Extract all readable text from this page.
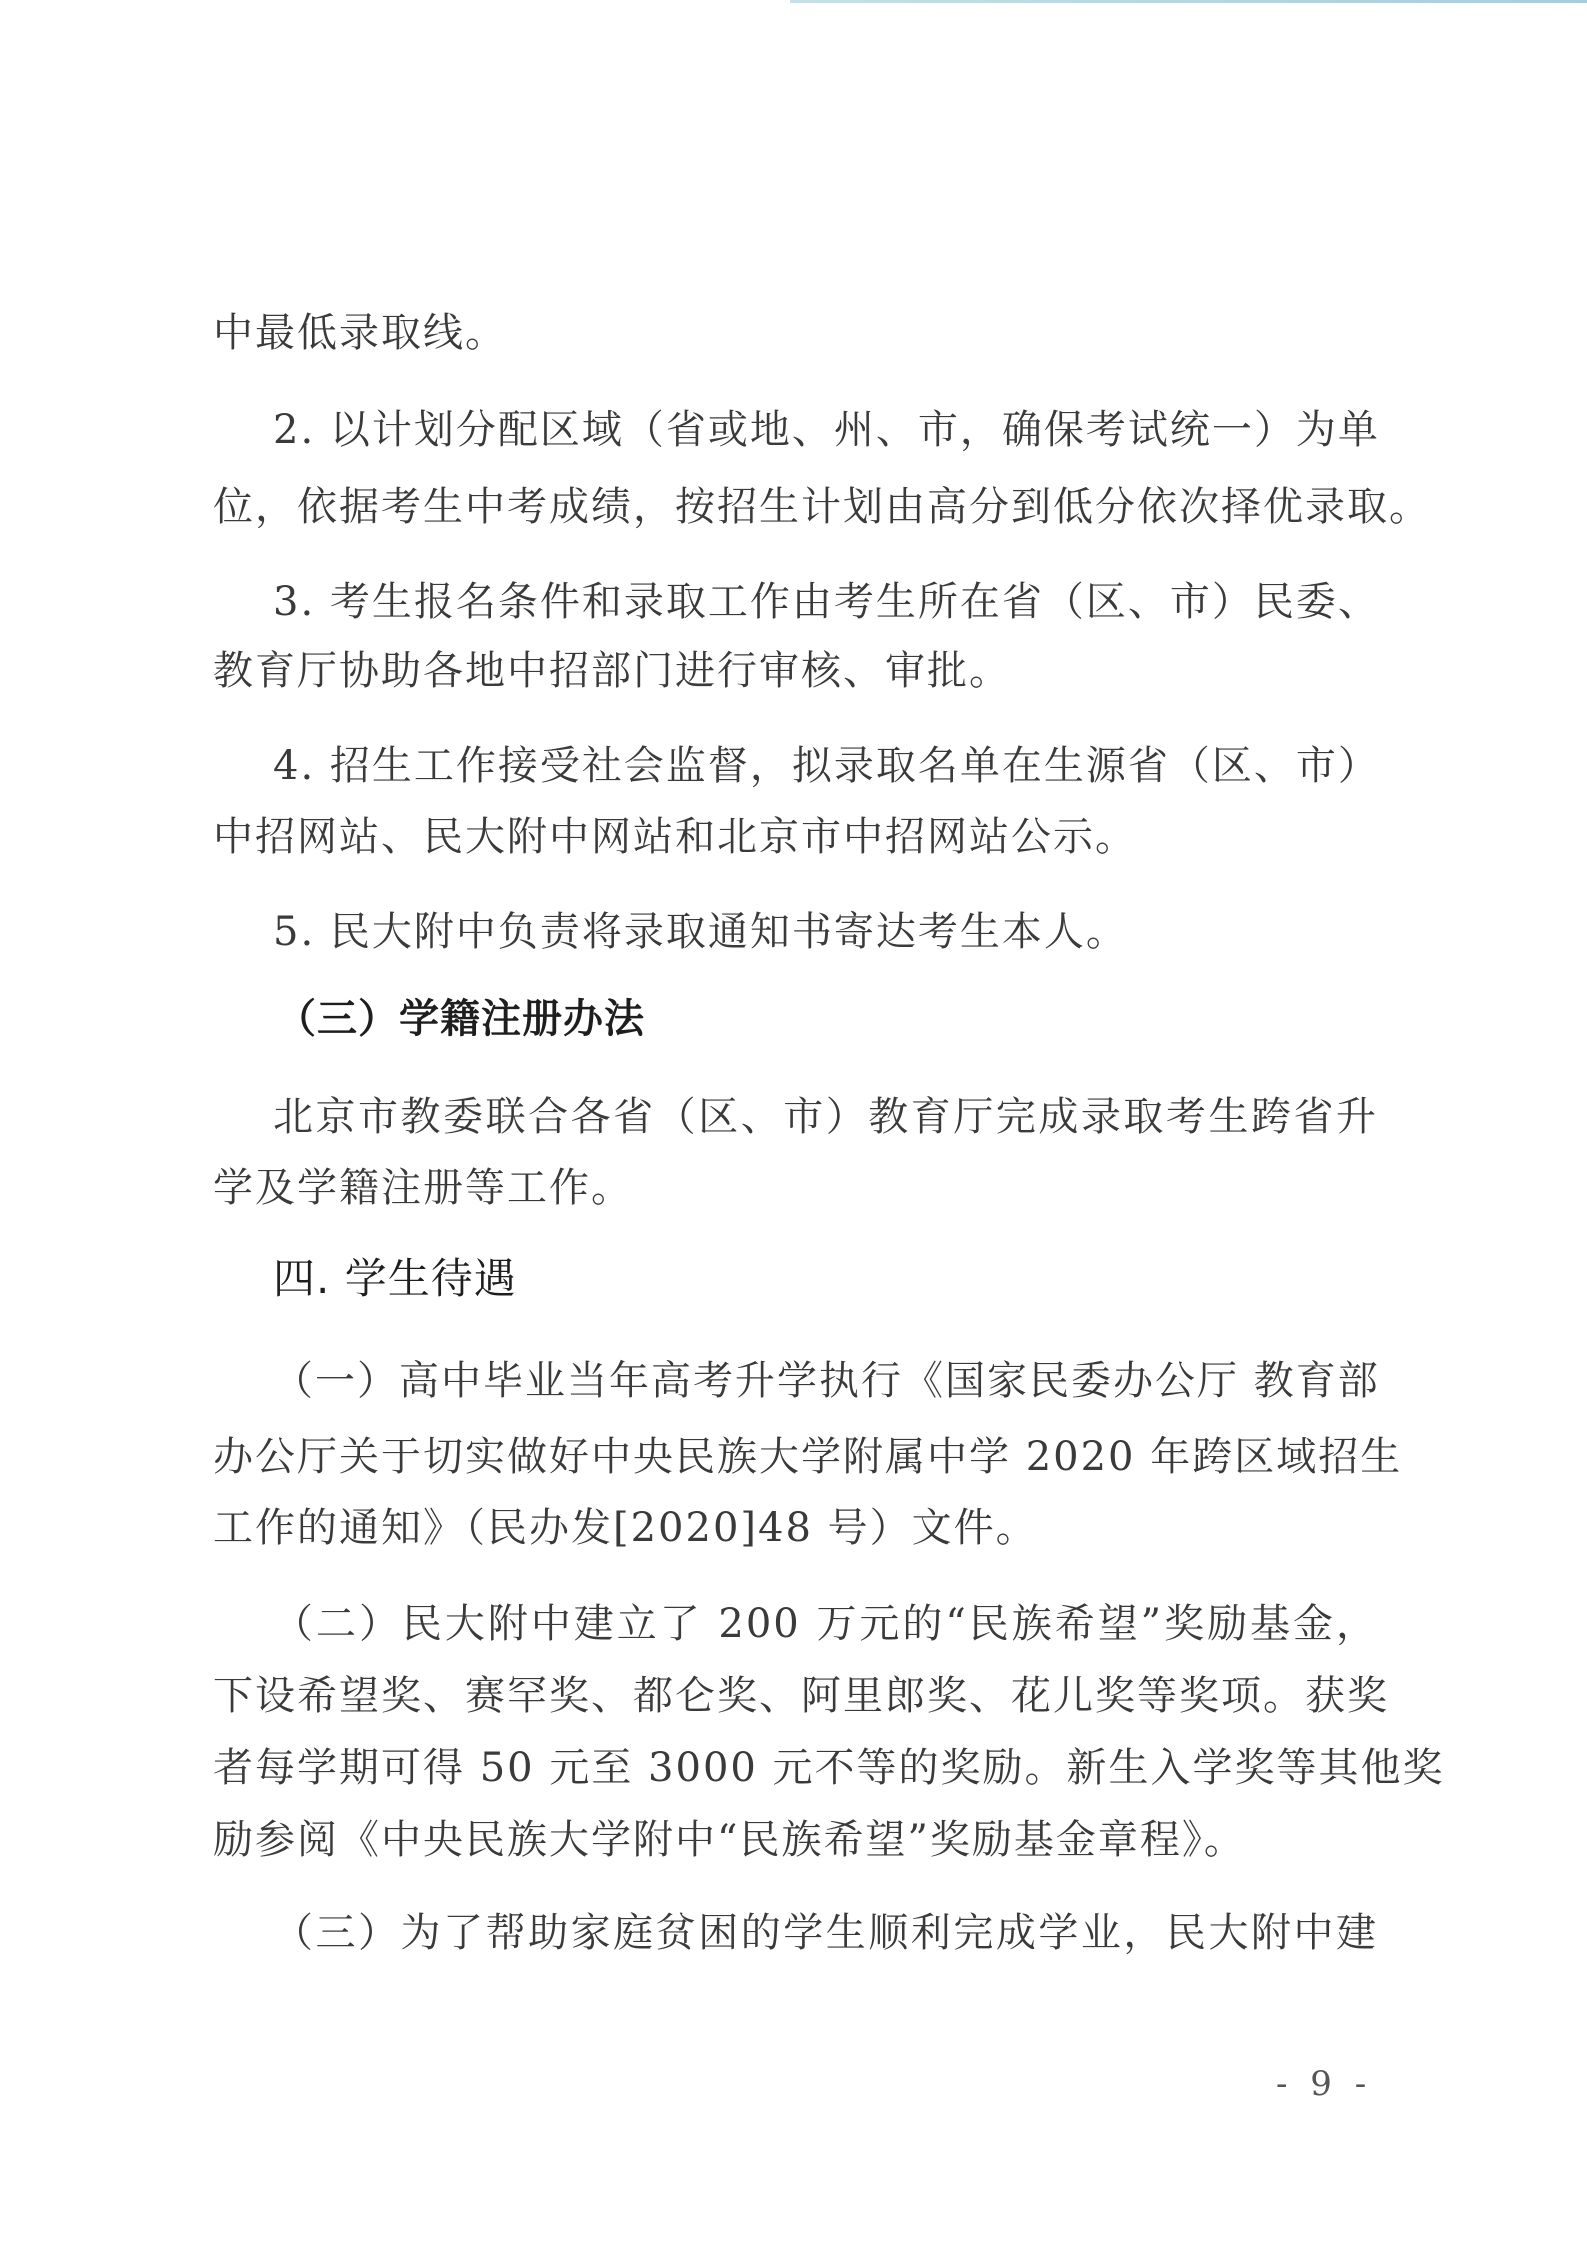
中最低录取线。
2. 以计划分配区域（省或地、州、市，确保考试统一）为单
位，依据考生中考成绩，按招生计划由高分到低分依次择优录取。
3. 考生报名条件和录取工作由考生所在省（区、市）民委、
教育厅协助各地中招部门进行审核、审批。
4. 招生工作接受社会监督，拟录取名单在生源省（区、市）
中招网站、民大附中网站和北京市中招网站公示。
5. 民大附中负责将录取通知书寄达考生本人。
（三）学籍注册办法
北京市教委联合各省（区、市）教育厅完成录取考生跨省升
学及学籍注册等工作。
四. 学生待遇
（一）高中毕业当年高考升学执行《国家民委办公厅 教育部
办公厅关于切实做好中央民族大学附属中学 2020 年跨区域招生
工作的通知》（民办发[2020]48 号）文件。
（二）民大附中建立了 200 万元的“民族希望”奖励基金，
下设希望奖、赛罕奖、都仑奖、阿里郎奖、花儿奖等奖项。获奖
者每学期可得 50 元至 3000 元不等的奖励。新生入学奖等其他奖
励参阅《中央民族大学附中“民族希望”奖励基金章程》。
（三）为了帮助家庭贫困的学生顺利完成学业，民大附中建
- 9 -
